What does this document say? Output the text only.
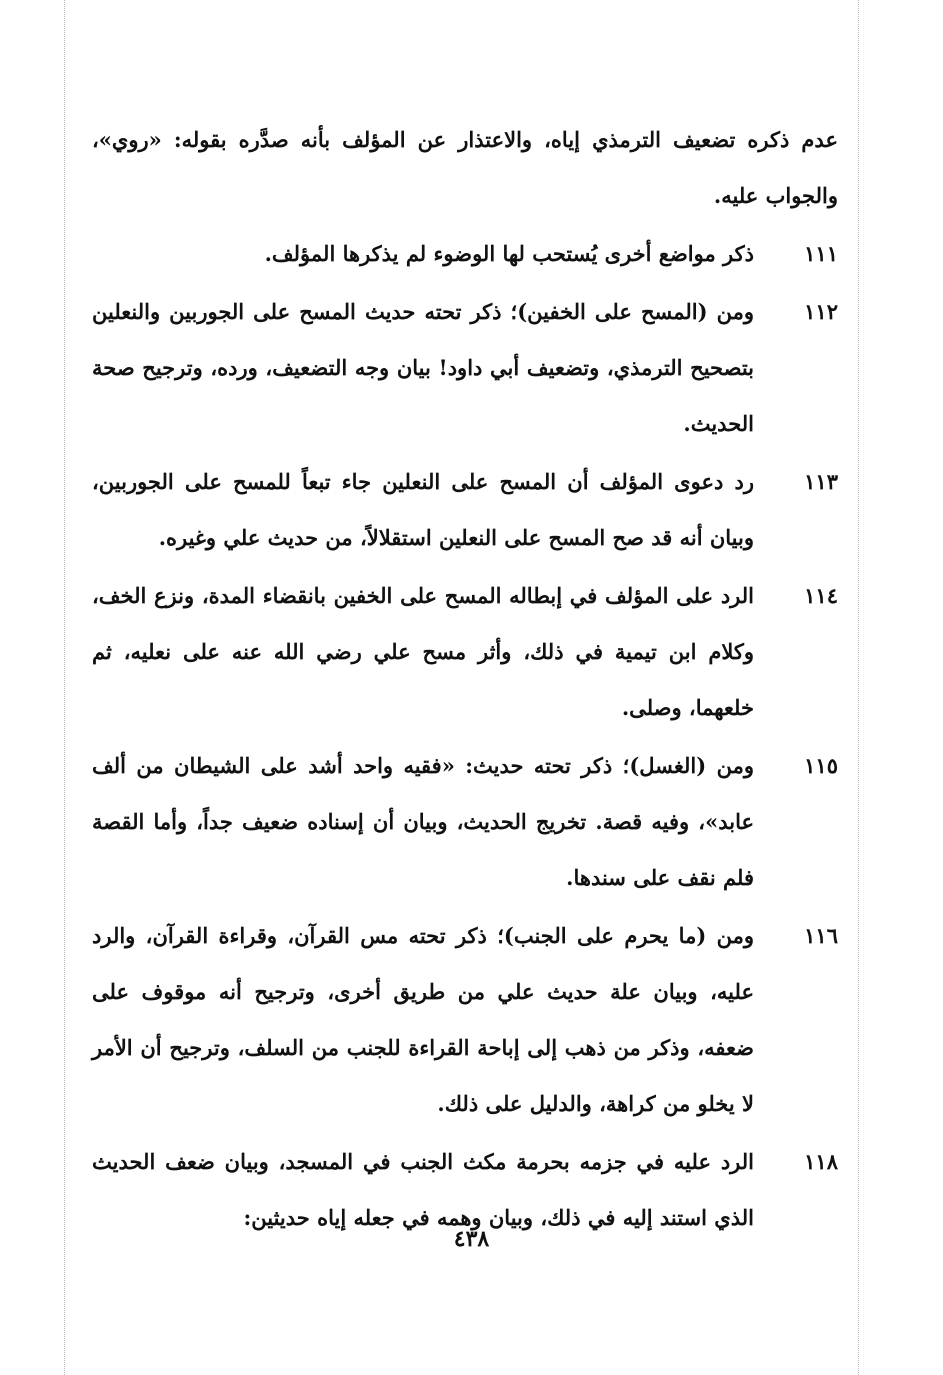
عدم ذكره تضعيف الترمذي إياه، والاعتذار عن المؤلف بأنه صدَّره بقوله: «روي»، والجواب عليه.
١١١
ذكر مواضع أخرى يُستحب لها الوضوء لم يذكرها المؤلف.
١١٢
ومن (المسح على الخفين)؛ ذكر تحته حديث المسح على الجوربين والنعلين بتصحيح الترمذي، وتضعيف أبي داود! بيان وجه التضعيف، ورده، وترجيح صحة الحديث.
١١٣
رد دعوى المؤلف أن المسح على النعلين جاء تبعاً للمسح على الجوربين، وبيان أنه قد صح المسح على النعلين استقلالاً، من حديث علي وغيره.
١١٤
الرد على المؤلف في إبطاله المسح على الخفين بانقضاء المدة، ونزع الخف، وكلام ابن تيمية في ذلك، وأثر مسح علي رضي الله عنه على نعليه، ثم خلعهما، وصلى.
١١٥
ومن (الغسل)؛ ذكر تحته حديث: «فقيه واحد أشد على الشيطان من ألف عابد»، وفيه قصة. تخريج الحديث، وبيان أن إسناده ضعيف جداً، وأما القصة فلم نقف على سندها.
١١٦
ومن (ما يحرم على الجنب)؛ ذكر تحته مس القرآن، وقراءة القرآن، والرد عليه، وبيان علة حديث علي من طريق أخرى، وترجيح أنه موقوف على ضعفه، وذكر من ذهب إلى إباحة القراءة للجنب من السلف، وترجيح أن الأمر لا يخلو من كراهة، والدليل على ذلك.
١١٨
الرد عليه في جزمه بحرمة مكث الجنب في المسجد، وبيان ضعف الحديث الذي استند إليه في ذلك، وبيان وهمه في جعله إياه حديثين:
٤٣٨
